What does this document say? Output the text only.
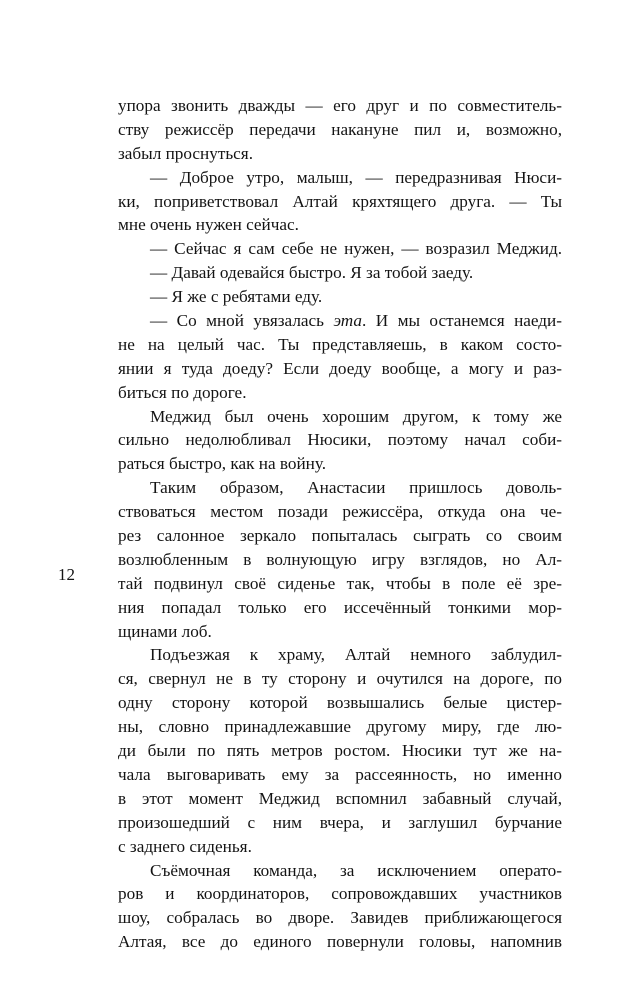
12
упора звонить дважды — его друг и по совместитель-
ству режиссёр передачи накануне пил и, возможно,
забыл проснуться.
— Доброе утро, малыш, — передразнивая Нюси-
ки, поприветствовал Алтай кряхтящего друга. — Ты
мне очень нужен сейчас.
— Сейчас я сам себе не нужен, — возразил Меджид.
— Давай одевайся быстро. Я за тобой заеду.
— Я же с ребятами еду.
— Со мной увязалась эта. И мы останемся наеди-
не на целый час. Ты представляешь, в каком состо-
янии я туда доеду? Если доеду вообще, а могу и раз-
биться по дороге.
Меджид был очень хорошим другом, к тому же
сильно недолюбливал Нюсики, поэтому начал соби-
раться быстро, как на войну.
Таким образом, Анастасии пришлось доволь-
ствоваться местом позади режиссёра, откуда она че-
рез салонное зеркало попыталась сыграть со своим
возлюбленным в волнующую игру взглядов, но Ал-
тай подвинул своё сиденье так, чтобы в поле её зре-
ния попадал только его иссечённый тонкими мор-
щинами лоб.
Подъезжая к храму, Алтай немного заблудил-
ся, свернул не в ту сторону и очутился на дороге, по
одну сторону которой возвышались белые цистер-
ны, словно принадлежавшие другому миру, где лю-
ди были по пять метров ростом. Нюсики тут же на-
чала выговаривать ему за рассеянность, но именно
в этот момент Меджид вспомнил забавный случай,
произошедший с ним вчера, и заглушил бурчание
с заднего сиденья.
Съёмочная команда, за исключением операто-
ров и координаторов, сопровождавших участников
шоу, собралась во дворе. Завидев приближающегося
Алтая, все до единого повернули головы, напомнив
